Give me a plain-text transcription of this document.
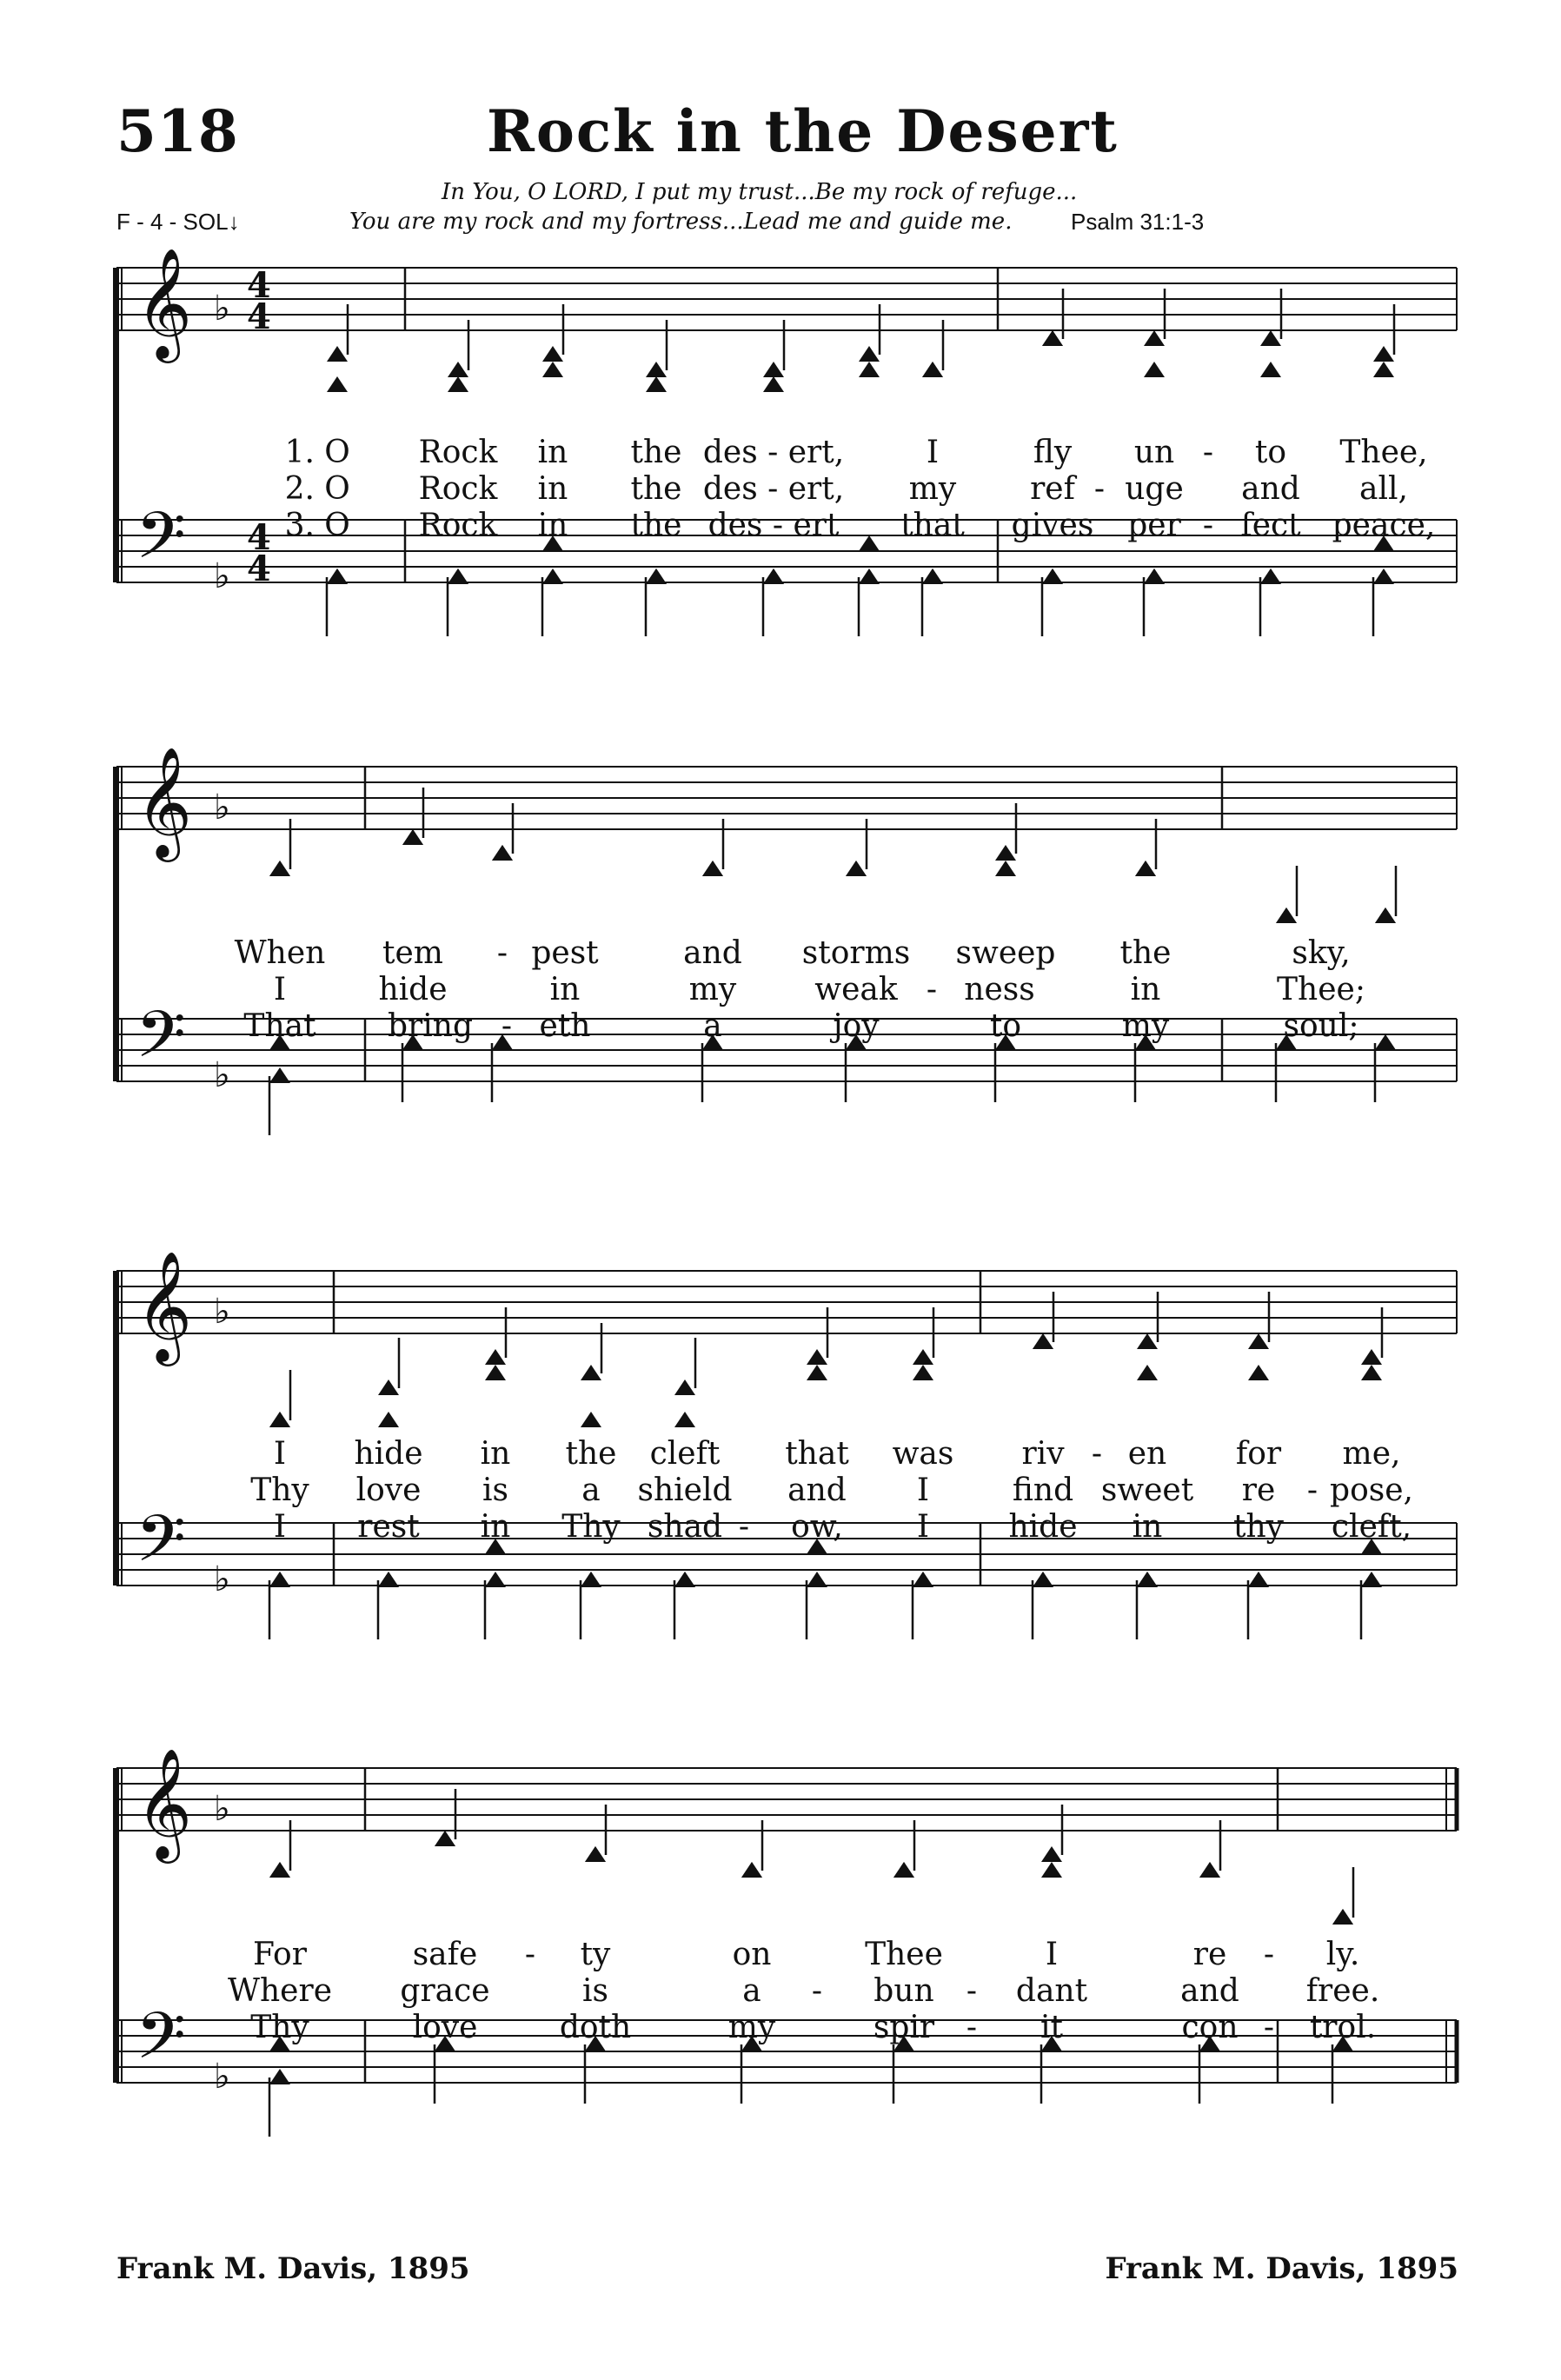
518	Rock in the Desert
F - 4 - SOL↓
In You, O LORD, I put my trust...Be my rock of refuge...
You are my rock and my fortress...Lead me and guide me.	Psalm 31:1-3
𝄞
𝄢
♭
♭
4
4
4
4
1.
2.
3.
O Rock in the des - ert,	I	fly un - to Thee,
O Rock in the des - ert, my ref - uge and all,
O Rock in the des - ert that gives per - fect peace,
𝄞
𝄢
♭
♭
When tem - pest	and storms sweep the	sky,
I	hide	in	my	weak - ness	in	Thee;
That bring - eth	a	joy	to	my	soul;
𝄞
𝄢
♭
♭
I hide in the cleft that was riv - en for me,
Thy love is a shield and I	find sweet re - pose,
I rest in Thy shad - ow, I	hide in thy cleft,
𝄞
𝄢
♭
♭
For	safe - ty	on	Thee	I	re - ly.
Where grace	is	a - bun - dant	and free.
Thy	love	doth	my	spir - it	con - trol.
Frank M. Davis, 1895	Frank M. Davis, 1895
